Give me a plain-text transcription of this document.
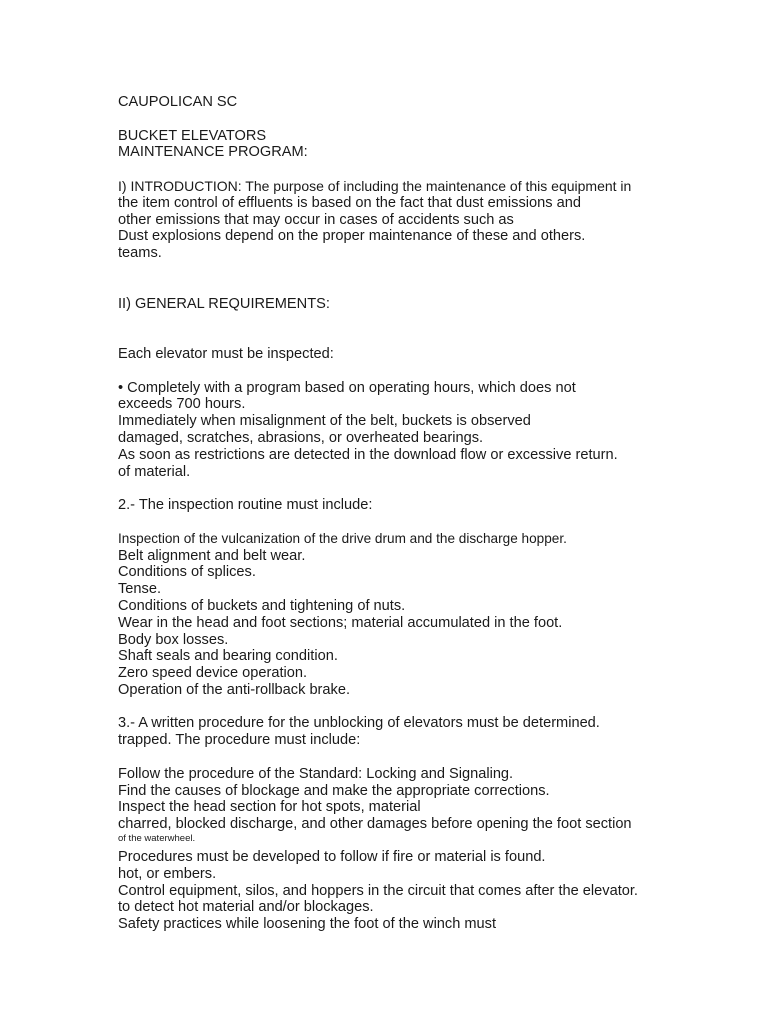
CAUPOLICAN SC

BUCKET ELEVATORS

MAINTENANCE PROGRAM:

I) INTRODUCTION: The purpose of including the maintenance of this equipment in

the item control of effluents is based on the fact that dust emissions and

other emissions that may occur in cases of accidents such as

Dust explosions depend on the proper maintenance of these and others.

teams.

II) GENERAL REQUIREMENTS:

Each elevator must be inspected:

• Completely with a program based on operating hours, which does not

exceeds 700 hours.

Immediately when misalignment of the belt, buckets is observed

damaged, scratches, abrasions, or overheated bearings.

As soon as restrictions are detected in the download flow or excessive return.

of material.

2.- The inspection routine must include:

Inspection of the vulcanization of the drive drum and the discharge hopper.

Belt alignment and belt wear.

Conditions of splices.

Tense.

Conditions of buckets and tightening of nuts.

Wear in the head and foot sections; material accumulated in the foot.

Body box losses.

Shaft seals and bearing condition.

Zero speed device operation.

Operation of the anti-rollback brake.

3.- A written procedure for the unblocking of elevators must be determined.

trapped. The procedure must include:

Follow the procedure of the Standard: Locking and Signaling.

Find the causes of blockage and make the appropriate corrections.

Inspect the head section for hot spots, material

charred, blocked discharge, and other damages before opening the foot section

of the waterwheel.

Procedures must be developed to follow if fire or material is found.

hot, or embers.

Control equipment, silos, and hoppers in the circuit that comes after the elevator.

to detect hot material and/or blockages.

Safety practices while loosening the foot of the winch must
